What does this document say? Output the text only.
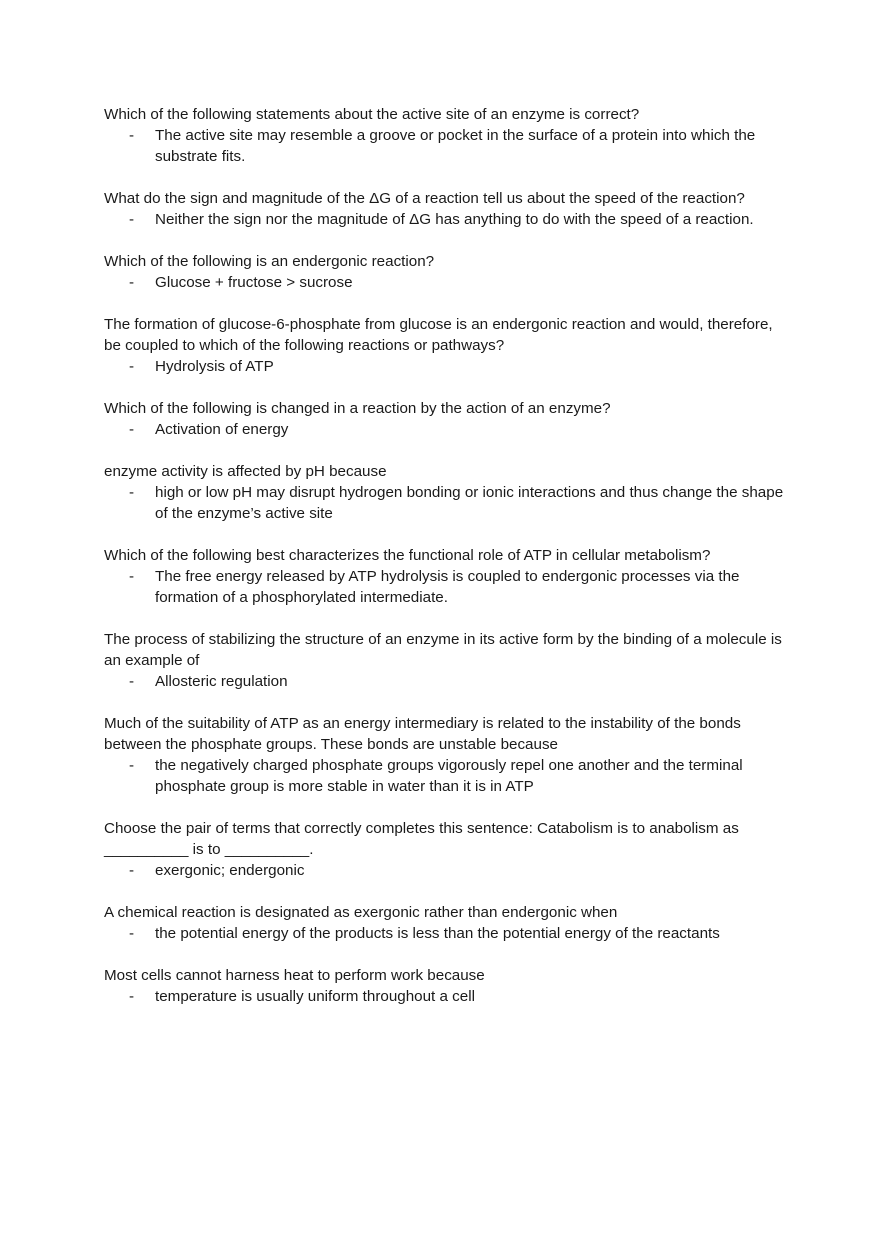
Which of the following statements about the active site of an enzyme is correct?

- The active site may resemble a groove or pocket in the surface of a protein into which the substrate fits.

What do the sign and magnitude of the ΔG of a reaction tell us about the speed of the reaction?

- Neither the sign nor the magnitude of ΔG has anything to do with the speed of a reaction.

Which of the following is an endergonic reaction?

- Glucose + fructose > sucrose

The formation of glucose-6-phosphate from glucose is an endergonic reaction and would, therefore, be coupled to which of the following reactions or pathways?

- Hydrolysis of ATP

Which of the following is changed in a reaction by the action of an enzyme?

- Activation of energy

enzyme activity is affected by pH because

- high or low pH may disrupt hydrogen bonding or ionic interactions and thus change the shape of the enzyme’s active site

Which of the following best characterizes the functional role of ATP in cellular metabolism?

- The free energy released by ATP hydrolysis is coupled to endergonic processes via the formation of a phosphorylated intermediate.

The process of stabilizing the structure of an enzyme in its active form by the binding of a molecule is an example of

- Allosteric regulation

Much of the suitability of ATP as an energy intermediary is related to the instability of the bonds between the phosphate groups. These bonds are unstable because

- the negatively charged phosphate groups vigorously repel one another and the terminal phosphate group is more stable in water than it is in ATP

Choose the pair of terms that correctly completes this sentence: Catabolism is to anabolism as __________ is to __________.

- exergonic; endergonic

A chemical reaction is designated as exergonic rather than endergonic when

- the potential energy of the products is less than the potential energy of the reactants

Most cells cannot harness heat to perform work because

- temperature is usually uniform throughout a cell
